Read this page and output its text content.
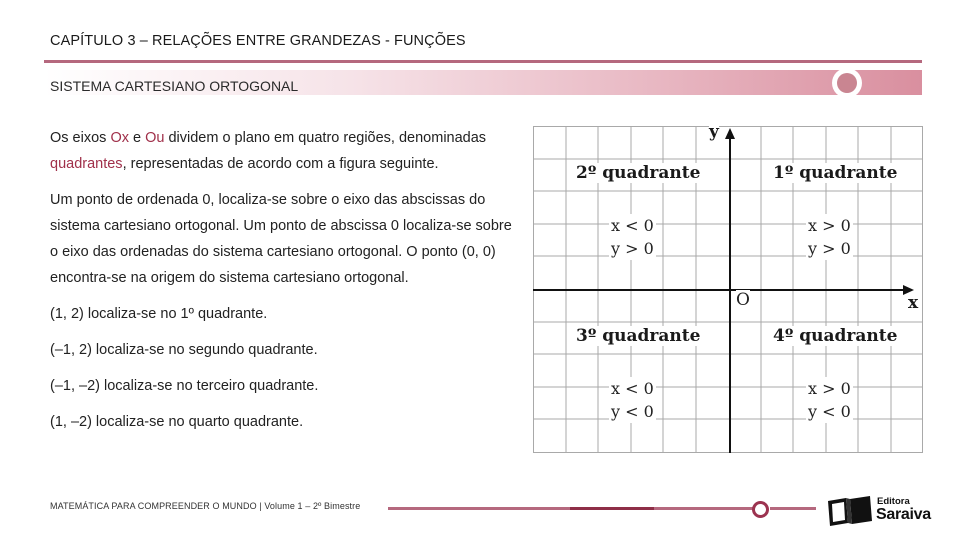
CAPÍTULO 3 – RELAÇÕES ENTRE GRANDEZAS - FUNÇÕES
SISTEMA CARTESIANO ORTOGONAL

Os eixos Ox e Ou dividem o plano em quatro regiões, denominadas quadrantes, representadas de acordo com a figura seguinte.

Um ponto de ordenada 0, localiza-se sobre o eixo das abscissas do sistema cartesiano ortogonal. Um ponto de abscissa 0 localiza-se sobre o eixo das ordenadas do sistema cartesiano ortogonal. O ponto (0, 0) encontra-se na origem do sistema cartesiano ortogonal.

(1, 2) localiza-se no 1º quadrante.

(–1, 2) localiza-se no segundo quadrante.

(–1, –2) localiza-se no terceiro quadrante.

(1, –2) localiza-se no quarto quadrante.

y
x
O
2º quadrante	1º quadrante
3º quadrante	4º quadrante
x < 0
y > 0
x > 0
y > 0
x < 0
y < 0
x > 0
y < 0
MATEMÁTICA PARA COMPREENDER O MUNDO | Volume 1 – 2º Bimestre	Editora
Saraiva
